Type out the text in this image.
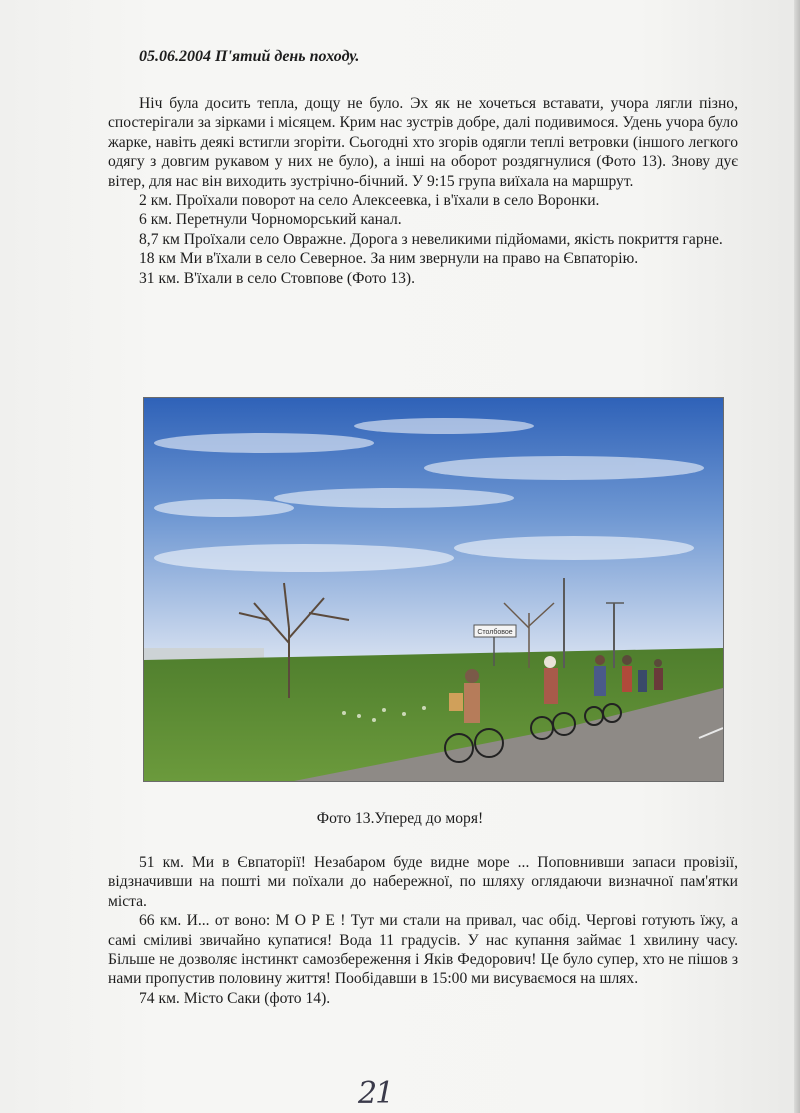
05.06.2004 П'ятий день походу.

Ніч була досить тепла, дощу не було. Эх як не хочеться вставати, учора лягли пізно, спостерігали за зірками і місяцем. Крим нас зустрів добре, далі подивимося. Удень учора було жарке, навіть деякі встигли згоріти. Сьогодні хто згорів одягли теплі ветровки (іншого легкого одягу з довгим рукавом у них не було), а інші на оборот роздягнулися (Фото 13). Знову дує вітер, для нас він виходить зустрічно-бічний. У 9:15 група виїхала на маршрут.

2 км. Проїхали поворот на село Алексеевка, і в'їхали в село Воронки.

6 км. Перетнули Чорноморський канал.

8,7 км Проїхали село Овражне. Дорога з невеликими підйомами, якість покриття гарне.

18 км Ми в'їхали в село Северное. За ним звернули на право на Євпаторію.

31 км. В'їхали в село Стовпове (Фото 13).

Столбовое
Фото 13.Уперед до моря!

51 км. Ми в Євпаторії! Незабаром буде видне море ... Поповнивши запаси провізії, відзначивши на пошті ми поїхали до набережної, по шляху оглядаючи визначної пам'ятки міста.

66 км. И... от воно: М О Р Е ! Тут ми стали на привал, час обід. Чергові готують їжу, а самі сміливі звичайно купатися! Вода 11 градусів. У нас купання займає 1 хвилину часу. Більше не дозволяє інстинкт самозбереження і Яків Федорович! Це було супер, хто не пішов з нами пропустив половину життя! Пообідавши в 15:00 ми висуваємося на шлях.

74 км. Місто Саки (фото 14).

21
